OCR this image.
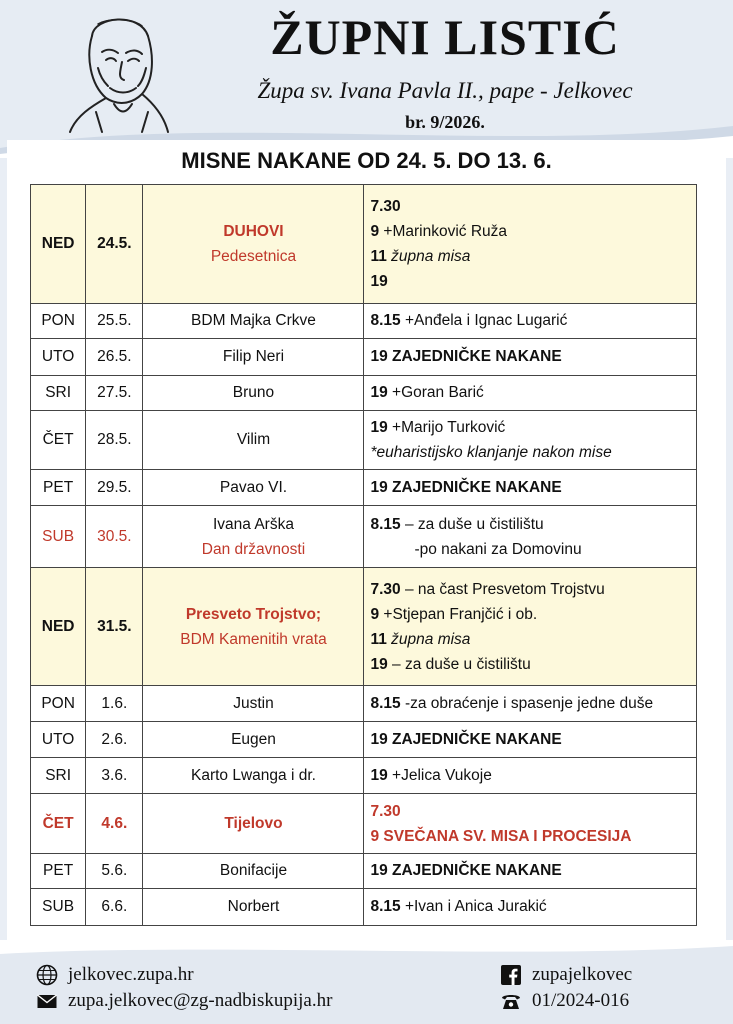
ŽUPNI LISTIĆ
Župa sv. Ivana Pavla II., pape - Jelkovec
br. 9/2026.
MISNE NAKANE OD 24. 5. DO 13. 6.
NED	24.5.	DUHOVI
Pedesetnica	7.30
9 +Marinković Ruža
11 župna misa
19

PON	25.5.	BDM Majka Crkve	8.15 +Anđela i Ignac Lugarić
UTO	26.5.	Filip Neri	19 ZAJEDNIČKE NAKANE
SRI	27.5.	Bruno	19 +Goran Barić
ČET	28.5.	Vilim	19 +Marijo Turković
*euharistijsko klanjanje nakon mise

PET	29.5.	Pavao VI.	19 ZAJEDNIČKE NAKANE
SUB	30.5.	Ivana Arška
Dan državnosti	8.15 – za duše u čistilištu
-po nakani za Domovinu

NED	31.5.	Presveto Trojstvo;
BDM Kamenitih vrata	7.30 – na čast Presvetom Trojstvu
9 +Stjepan Franjčić i ob.
11 župna misa
19 – za duše u čistilištu

PON	1.6.	Justin	8.15 -za obraćenje i spasenje jedne duše
UTO	2.6.	Eugen	19 ZAJEDNIČKE NAKANE
SRI	3.6.	Karto Lwanga i dr.	19 +Jelica Vukoje
ČET	4.6.	Tijelovo	7.30
9 SVEČANA SV. MISA I PROCESIJA

PET	5.6.	Bonifacije	19 ZAJEDNIČKE NAKANE
SUB	6.6.	Norbert	8.15 +Ivan i Anica Jurakić
jelkovec.zupa.hr
zupa.jelkovec@zg-nadbiskupija.hr
zupajelkovec
01/2024-016
